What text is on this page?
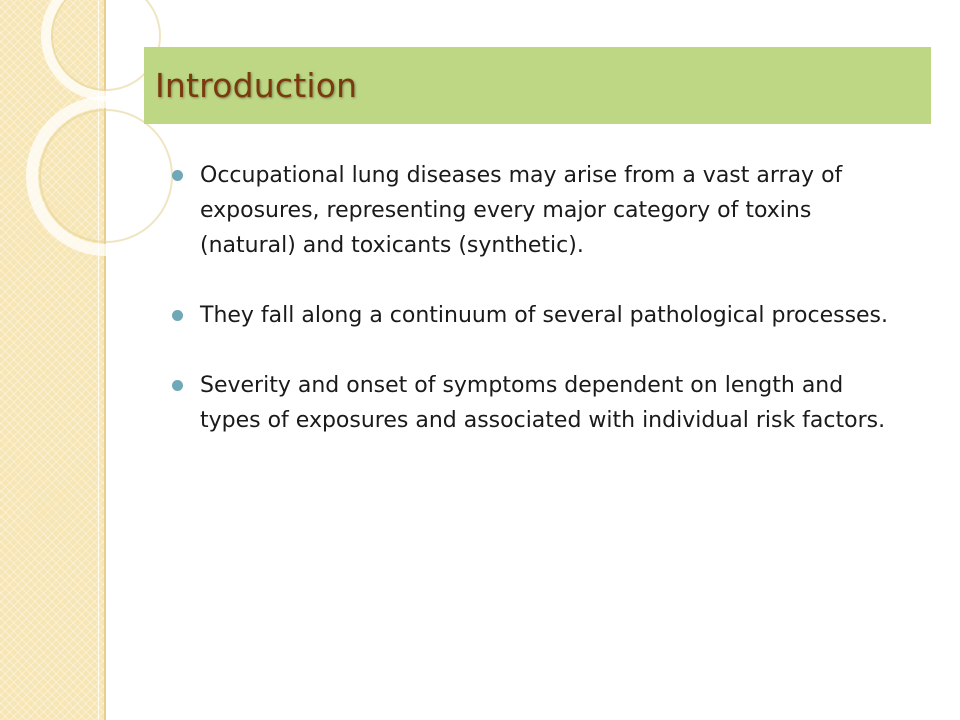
Introduction
Occupational lung diseases may arise from a vast array of exposures, representing every major category of toxins (natural) and toxicants (synthetic).
They fall along a continuum of several pathological processes.
Severity and onset of symptoms dependent on length and types of exposures and associated with individual risk factors.
